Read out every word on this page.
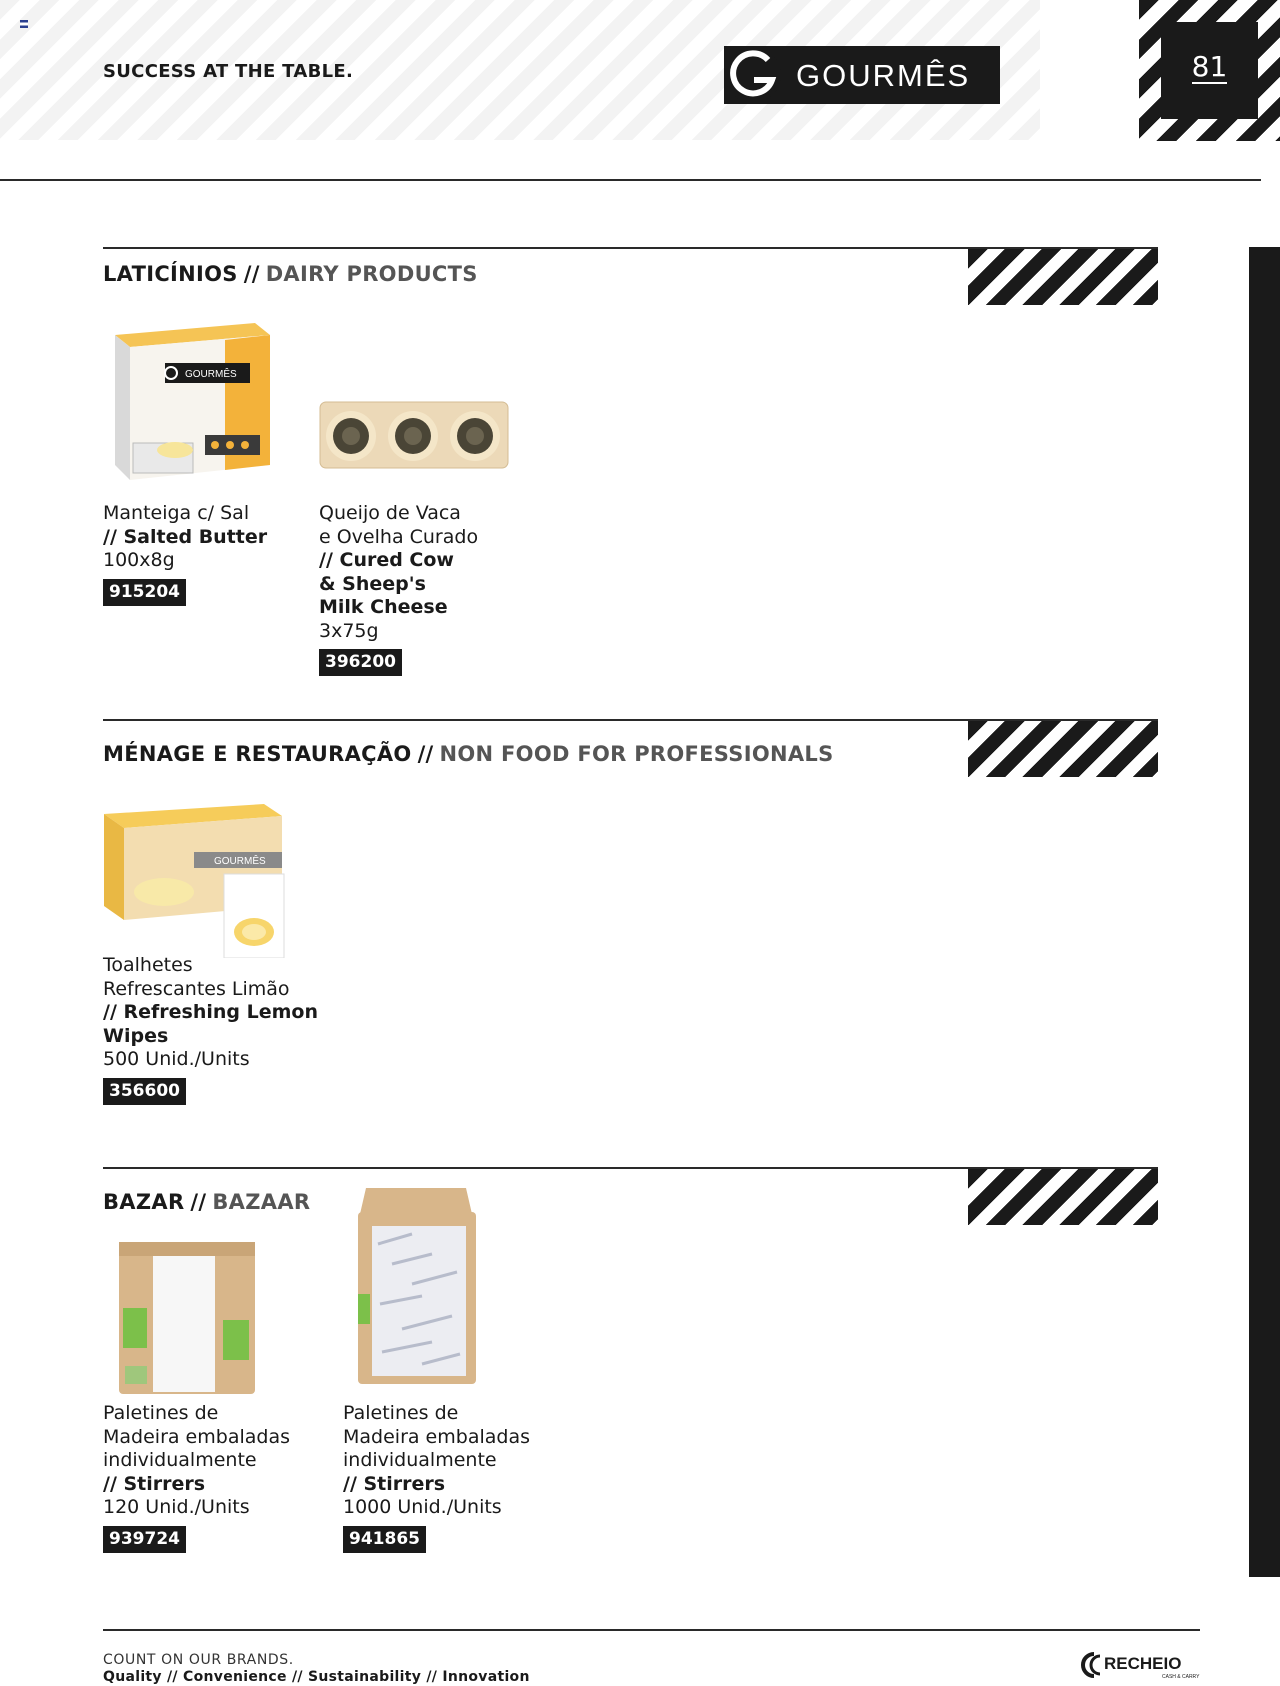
SUCCESS AT THE TABLE.	GOURMÊS	81
LATICÍNIOS // DAIRY PRODUCTS
GOURMÊS
Manteiga c/ Sal
// Salted Butter
100x8g
915204
Queijo de Vaca
e Ovelha Curado
// Cured Cow
& Sheep's
Milk Cheese
3x75g
396200
MÉNAGE E RESTAURAÇÃO // NON FOOD FOR PROFESSIONALS
GOURMÊS
Toalhetes
Refrescantes Limão
// Refreshing Lemon
Wipes
500 Unid./Units
356600
BAZAR // BAZAAR
Paletines de
Madeira embaladas
individualmente
// Stirrers
120 Unid./Units
939724
Paletines de
Madeira embaladas
individualmente
// Stirrers
1000 Unid./Units
941865
COUNT ON OUR BRANDS.
Quality // Convenience // Sustainability // Innovation
RECHEIO
CASH & CARRY
